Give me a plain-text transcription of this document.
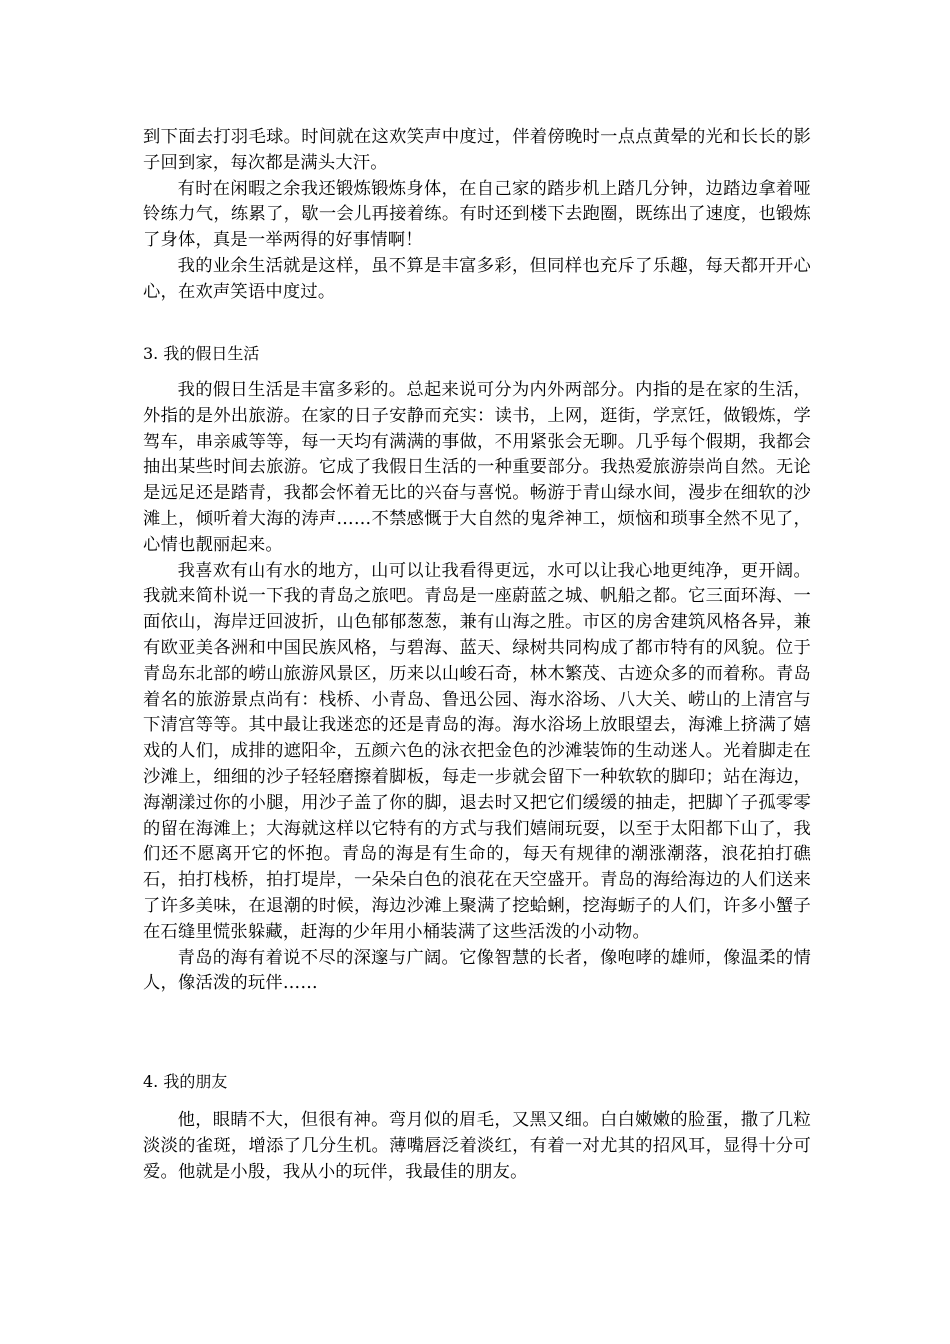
到下面去打羽毛球。时间就在这欢笑声中度过，伴着傍晚时一点点黄晕的光和长长的影子回到家，每次都是满头大汗。

有时在闲暇之余我还锻炼锻炼身体，在自己家的踏步机上踏几分钟，边踏边拿着哑铃练力气，练累了，歇一会儿再接着练。有时还到楼下去跑圈，既练出了速度，也锻炼了身体，真是一举两得的好事情啊！

我的业余生活就是这样，虽不算是丰富多彩，但同样也充斥了乐趣，每天都开开心心，在欢声笑语中度过。

3. 我的假日生活

我的假日生活是丰富多彩的。总起来说可分为内外两部分。内指的是在家的生活，外指的是外出旅游。在家的日子安静而充实：读书，上网，逛街，学烹饪，做锻炼，学驾车，串亲戚等等，每一天均有满满的事做，不用紧张会无聊。几乎每个假期，我都会抽出某些时间去旅游。它成了我假日生活的一种重要部分。我热爱旅游崇尚自然。无论是远足还是踏青，我都会怀着无比的兴奋与喜悦。畅游于青山绿水间，漫步在细软的沙滩上，倾听着大海的涛声……不禁感慨于大自然的鬼斧神工，烦恼和琐事全然不见了，心情也靓丽起来。

我喜欢有山有水的地方，山可以让我看得更远，水可以让我心地更纯净，更开阔。我就来简朴说一下我的青岛之旅吧。青岛是一座蔚蓝之城、帆船之都。它三面环海、一面依山，海岸迂回波折，山色郁郁葱葱，兼有山海之胜。市区的房舍建筑风格各异，兼有欧亚美各洲和中国民族风格，与碧海、蓝天、绿树共同构成了都市特有的风貌。位于青岛东北部的崂山旅游风景区，历来以山峻石奇，林木繁茂、古迹众多的而着称。青岛着名的旅游景点尚有：栈桥、小青岛、鲁迅公园、海水浴场、八大关、崂山的上清宫与下清宫等等。其中最让我迷恋的还是青岛的海。海水浴场上放眼望去，海滩上挤满了嬉戏的人们，成排的遮阳伞，五颜六色的泳衣把金色的沙滩装饰的生动迷人。光着脚走在沙滩上，细细的沙子轻轻磨擦着脚板，每走一步就会留下一种软软的脚印；站在海边，海潮漾过你的小腿，用沙子盖了你的脚，退去时又把它们缓缓的抽走，把脚丫子孤零零的留在海滩上；大海就这样以它特有的方式与我们嬉闹玩耍，以至于太阳都下山了，我们还不愿离开它的怀抱。青岛的海是有生命的，每天有规律的潮涨潮落，浪花拍打礁石，拍打栈桥，拍打堤岸，一朵朵白色的浪花在天空盛开。青岛的海给海边的人们送来了许多美味，在退潮的时候，海边沙滩上聚满了挖蛤蜊，挖海蛎子的人们，许多小蟹子在石缝里慌张躲藏，赶海的少年用小桶装满了这些活泼的小动物。

青岛的海有着说不尽的深邃与广阔。它像智慧的长者，像咆哮的雄师，像温柔的情人，像活泼的玩伴……

4. 我的朋友

他，眼睛不大，但很有神。弯月似的眉毛，又黑又细。白白嫩嫩的脸蛋，撒了几粒淡淡的雀斑，增添了几分生机。薄嘴唇泛着淡红，有着一对尤其的招风耳，显得十分可爱。他就是小殷，我从小的玩伴，我最佳的朋友。
